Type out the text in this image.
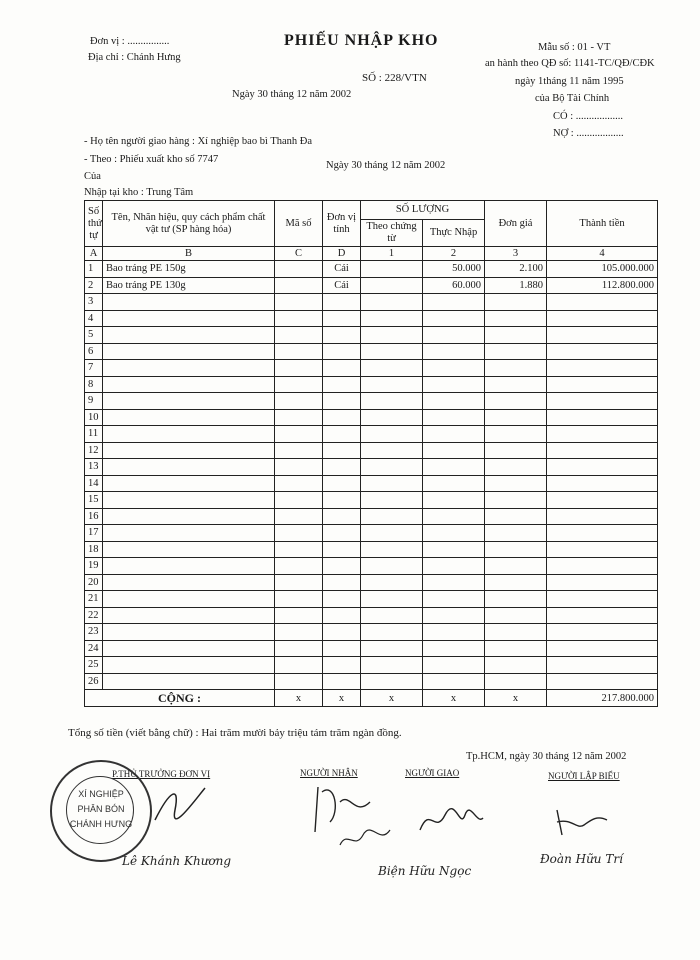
Đơn vị : ................
Địa chỉ : Chánh Hưng
PHIẾU NHẬP KHO
SỐ : 228/VTN
Ngày 30 tháng 12 năm 2002
Mẫu số : 01 - VT
an hành theo QĐ số: 1141-TC/QĐ/CĐK
ngày 1tháng 11 năm 1995
của Bộ Tài Chính
CÓ : ..................
NỢ : ..................
- Họ tên người giao hàng : Xí nghiệp bao bì Thanh Đa
- Theo : Phiếu xuất kho số 7747
Ngày 30 tháng 12 năm 2002
Của
Nhập tại kho : Trung Tâm
Số thứ tự	Tên, Nhãn hiệu, quy cách phẩm chất vật tư (SP hàng hóa)	Mã số	Đơn vị tính	SỐ LƯỢNG		Đơn giá	Thành tiền
				Theo chứng từ	Thực Nhập		
A	B	C	D	1	2	3	4
1	Bao tráng PE 150g		Cái		50.000	2.100	105.000.000
2	Bao tráng PE 130g		Cái		60.000	1.880	112.800.000
3							
4							
5							
6							
7							
8							
9							
10							
11							
12							
13							
14							
15							
16							
17							
18							
19							
20							
21							
22							
23							
24							
25							
26							
CỘNG :		x	x	x	x	x	217.800.000
Tổng số tiền (viết bằng chữ) : Hai trăm mười bảy triệu tám trăm ngàn đồng.
Tp.HCM, ngày 30 tháng 12 năm 2002
P.THỦ TRƯỞNG ĐƠN VỊ	NGƯỜI NHẬN	NGƯỜI GIAO	NGƯỜI LẬP BIỂU
XÍ NGHIỆP
PHÂN BÓN
CHÁNH HƯNG
Lê Khánh Khương
Biện Hữu Ngọc
Đoàn Hữu Trí
